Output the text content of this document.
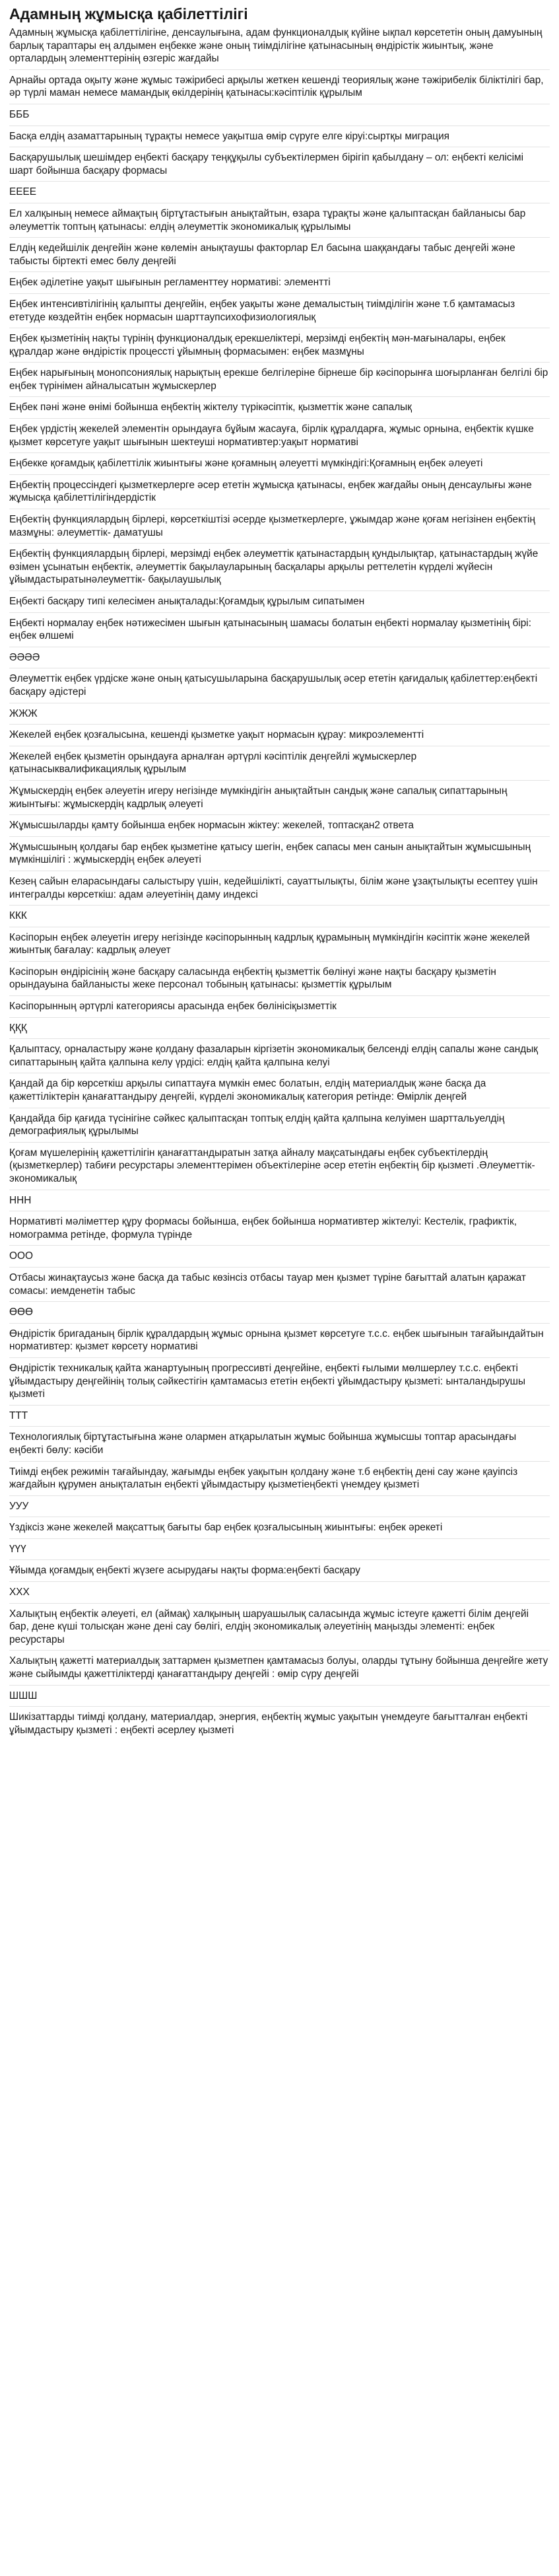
Адамның жұмысқа қабілеттілігі

Адамның жұмысқа қабілеттілігіне, денсаулығына, адам функционалдық күйіне ықпал көрсететін оның дамуының барлық тараптары ең алдымен еңбекке және оның тиімділігіне қатынасының өндірістік жиынтық, және орталардың элементтерінің өзгеріс жағдайы

Арнайы ортада оқыту және жұмыс тәжірибесі арқылы жеткен кешенді теориялық және тәжірибелік біліктілігі бар, әр түрлі маман немесе мамандық өкілдерінің қатынасы:кәсіптілік құрылым

БББ

Басқа елдің азаматтарының тұрақты немесе уақытша өмір сүруге елге кіруі:сыртқы миграция

Басқарушылық шешімдер еңбекті басқару теңқұқылы субъектілермен бірігіп қабылдану – ол: еңбекті келісімі шарт бойынша басқару формасы

ЕЕЕЕ

Ел халқының немесе аймақтың біртұтастығын анықтайтын, өзара тұрақты және қалыптасқан байланысы бар әлеуметтік топтың қатынасы: елдің әлеуметтік экономикалық құрылымы

Елдің кедейшілік деңгейін және көлемін анықтаушы факторлар Ел басына шаққандағы табыс деңгейі және табысты біртекті емес бөлу деңгейі

Еңбек әділетіне уақыт шығынын регламенттеу нормативі: элементті

Еңбек интенсивтілігінің қалыпты деңгейін, еңбек уақыты және демалыстың тиімділігін және т.б қамтамасыз ететуде көздейтін еңбек нормасын шарттаупсихофизиологиялық

Еңбек қызметінің нақты түрінің функционалдық ерекшеліктері, мерзімді еңбектің мән-мағыналары, еңбек құралдар және өндірістік процессті ұйымның формасымен: еңбек мазмұны

Еңбек нарығының монопсониялық нарықтың ерекше белгілеріне бірнеше бір кәсіпорынға шоғырланған белгілі бір еңбек түрінімен айналысатын жұмыскерлер

Еңбек пәні және өнімі бойынша еңбектің жіктелу түрікәсіптік, қызметтік және сапалық

Еңбек үрдістің жекелей элементін орындауға бұйым жасауға, бірлік құралдарға, жұмыс орнына, еңбектік күшке қызмет көрсетуге уақыт шығынын шектеуші нормативтер:уақыт нормативі

Еңбекке қоғамдық қабілеттілік жиынтығы және қоғамның әлеуетті мүмкіндігі:Қоғамның еңбек әлеуеті

Еңбектің процессіндегі қызметкерлерге әсер ететін жұмысқа қатынасы, еңбек жағдайы оның денсаулығы және жұмысқа қабілеттілігіндердістік

Еңбектің функциялардың бірлері, көрсеткіштізі әсерде қызметкерлерге, ұжымдар және қоғам негізінен еңбектің мазмұны: әлеуметтік- даматушы

Еңбектің функциялардың бірлері, мерзімді еңбек әлеуметтік қатынастардың қундылықтар, қатынастардың жүйе өзімен ұсынатын еңбектік, әлеуметтік бақылауларының басқалары арқылы реттелетін күрделі жүйесін ұйымдастыратынәлеуметтік- бақылаушылық

Еңбекті басқару типі келесімен анықталады:Қоғамдық құрылым сипатымен

Еңбекті нормалау еңбек нәтижесімен шығын қатынасының шамасы болатын еңбекті нормалау қызметінің бірі: еңбек өлшемі

ӘӘӘӘ

Әлеуметтік еңбек үрдіске және оның қатысушыларына басқарушылық әсер ететін қағидалық қабілеттер:еңбекті басқару әдістері

ЖЖЖ

Жекелей еңбек қозғалысына, кешенді қызметке уақыт нормасын құрау: микроэлементті

Жекелей еңбек қызметін орындауға арналған әртүрлі кәсіптілік деңгейлі жұмыскерлер қатынасыквалификациялық құрылым

Жұмыскердің еңбек әлеуетін игеру негізінде мүмкіндігін анықтайтын сандық және сапалық сипаттарының жиынтығы: жұмыскердің кадрлық әлеуеті

Жұмысшыларды қамту бойынша еңбек нормасын жіктеу: жекелей, топтасқан2 ответа

Жұмысшының қолдағы бар еңбек қызметіне қатысу шегін, еңбек сапасы мен санын анықтайтын жұмысшының мүмкіншілігі : жұмыскердің еңбек әлеуеті

Кезең сайын еларасындағы салыстыру үшін, кедейшілікті, сауаттылықты, білім және ұзақтылықты есептеу үшін интегралды көрсеткіш: адам әлеуетінің даму индексі

ККК

Кәсіпорын еңбек әлеуетін игеру негізінде кәсіпорынның кадрлық құрамының мүмкіндігін кәсіптік және жекелей жиынтық бағалау: кадрлық әлеует

Кәсіпорын өндірісінің және басқару саласында еңбектің қызметтік бөлінуі және нақты басқару қызметін орындауына байланысты жеке персонал тобының қатынасы: қызметтік құрылым

Кәсіпорынның әртүрлі категориясы арасында еңбек бөлінісіқызметтік

ҚҚҚ

Қалыптасу, орналастыру және қолдану фазаларын кіргізетін экономикалық белсенді елдің сапалы және сандық сипаттарының қайта қалпына келу үрдісі: елдің қайта қалпына келуі

Қандай да бір көрсеткіш арқылы сипаттауға мүмкін емес болатын, елдің материалдық және басқа да қажеттіліктерін қанағаттандыру деңгейі, күрделі экономикалық категория ретінде: Өмірлік деңгей

Қандайда бір қағида түсінігіне сәйкес қалыптасқан топтық елдің қайта қалпына келуімен шарттальуелдің демографиялық құрылымы

Қоғам мүшелерінің қажеттілігін қанағаттандыратын затқа айналу мақсатындағы еңбек субъектілердің (қызметкерлер) табиғи ресурстары элементтерімен объектілеріне әсер ететін еңбектің бір қызметі .Әлеуметтік- экономикалық

ННН

Нормативті мәліметтер құру формасы бойынша, еңбек бойынша нормативтер жіктелуі: Кестелік, графиктік, номограмма ретінде, формула түрінде

ООО

Отбасы жинақтаусыз және басқа да табыс көзінсіз отбасы тауар мен қызмет түріне бағыттай алатын қаражат сомасы: иемденетін табыс

ӨӨӨ

Өндірістік бригаданың бірлік құралдардың жұмыс орнына қызмет көрсетуге т.с.с. еңбек шығынын тағайындайтын нормативтер: қызмет көрсету нормативі

Өндірістік техникалық қайта жанартуының прогрессивті деңгейіне, еңбекті ғылыми мөлшерлеу т.с.с. еңбекті ұйымдастыру деңгейінің толық сәйкестігін қамтамасыз ететін еңбекті ұйымдастыру қызметі: ынталандырушы қызметі

ТТТ

Технологиялық біртұтастығына және олармен атқарылатын жұмыс бойынша жұмысшы топтар арасындағы еңбекті бөлу: кәсіби

Тиімді еңбек режимін тағайындау, жағымды еңбек уақытын қолдану және т.б еңбектің дені сау және қауіпсіз жағдайын құрумен анықталатын еңбекті ұйымдастыру қызметіеңбекті үнемдеу қызметі

УУУ

Үздіксіз және жекелей мақсаттық бағыты бар еңбек қозғалысының жиынтығы: еңбек әрекеті

ҮҮҮ

Ұйымда қоғамдық еңбекті жүзеге асырудағы нақты форма:еңбекті басқару

ХХХ

Халықтың еңбектік әлеуеті, ел (аймақ) халқының шаруашылық саласында жұмыс істеуге қажетті білім деңгейі бар, дене күші толысқан және дені сау бөлігі, елдің экономикалық әлеуетінің маңызды элементі: еңбек ресурстары

Халықтың қажетті материалдық заттармен қызметпен қамтамасыз болуы, оларды тұтыну бойынша деңгейге жету және сыйымды қажеттіліктерді қанағаттандыру деңгейі : өмір сүру деңгейі

ШШШ

Шикізаттарды тиімді қолдану, материалдар, энергия, еңбектің жұмыс уақытын үнемдеуге бағытталған еңбекті ұйымдастыру қызметі : еңбекті әсерлеу қызметі
